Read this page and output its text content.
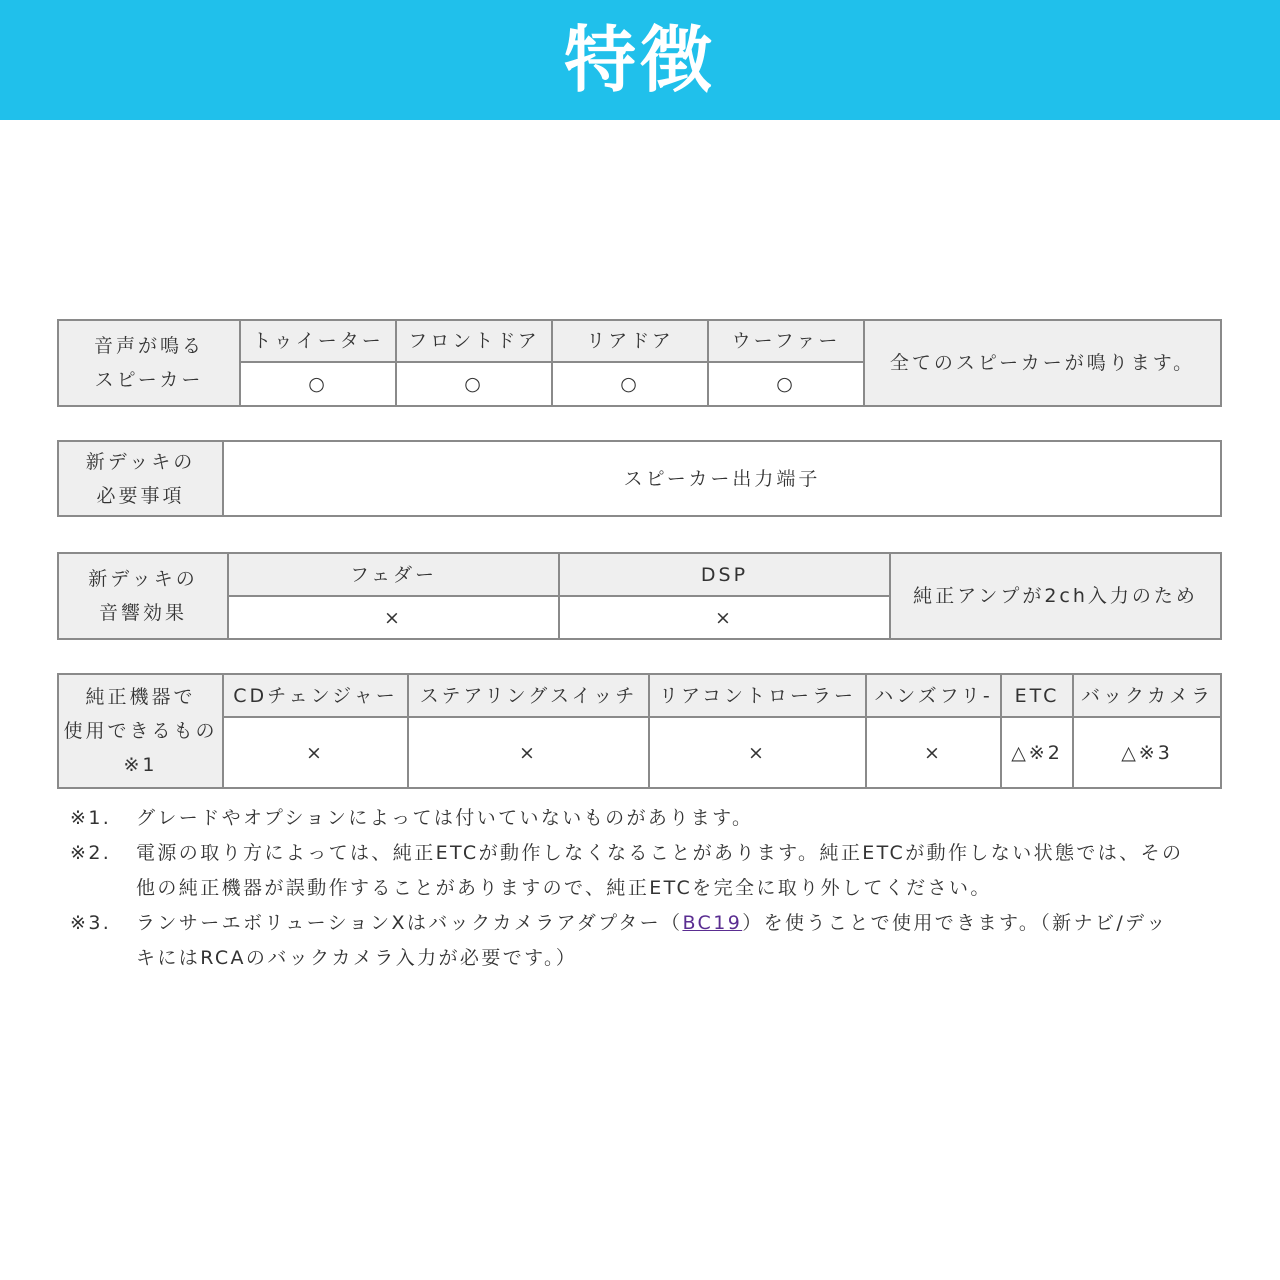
特徴
音声が鳴る
スピーカー	トゥイーター	フロントドア	リアドア	ウーファー	全てのスピーカーが鳴ります。
	○	○	○	○	
新デッキの
必要事項
	スピーカー出力端子
新デッキの
音響効果	フェダー	DSP	純正アンプが2ch入力のため
	×	×	
純正機器で
使用できるもの
※1	CDチェンジャー	ステアリングスイッチ	リアコントローラー	ハンズフリ-	ETC	バックカメラ
	×	×	×	×	△※2	△※3
※1.	グレードやオプションによっては付いていないものがあります。
※2.	電源の取り方によっては、純正ETCが動作しなくなることがあります。純正ETCが動作しない状態では、その
他の純正機器が誤動作することがありますので、純正ETCを完全に取り外してください。
※3.	ランサーエボリューションXはバックカメラアダプター（BC19）を使うことで使用できます。（新ナビ/デッ
キにはRCAのバックカメラ入力が必要です。）
